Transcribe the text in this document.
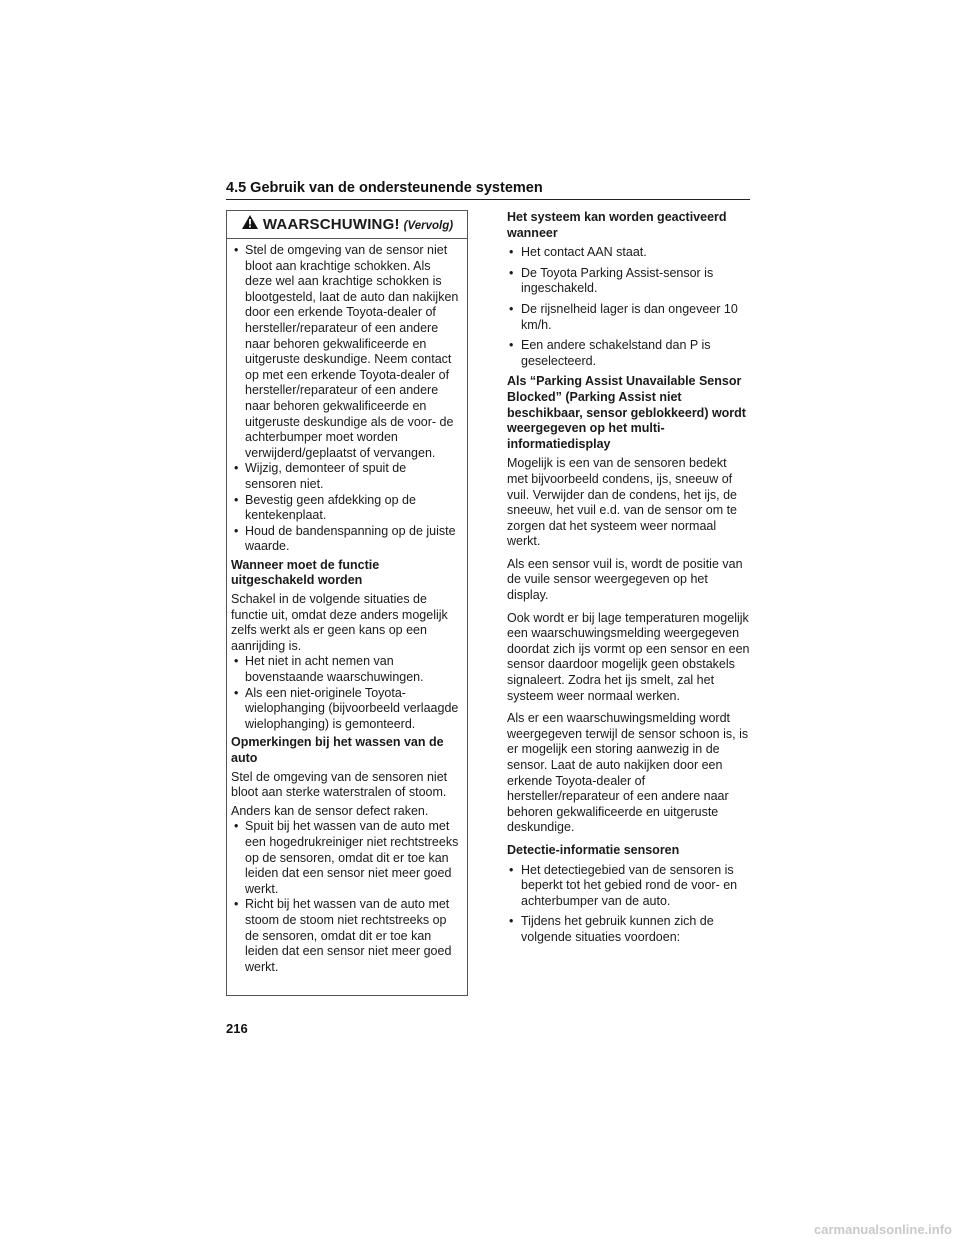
4.5 Gebruik van de ondersteunende systemen
WAARSCHUWING! (Vervolg)
• Stel de omgeving van de sensor niet bloot aan krachtige schokken. Als deze wel aan krachtige schokken is blootgesteld, laat de auto dan nakijken door een erkende Toyota-dealer of hersteller/reparateur of een andere naar behoren gekwalificeerde en uitgeruste deskundige. Neem contact op met een erkende Toyota-dealer of hersteller/reparateur of een andere naar behoren gekwalificeerde en uitgeruste deskundige als de voor- de achterbumper moet worden verwijderd/geplaatst of vervangen.
• Wijzig, demonteer of spuit de sensoren niet.
• Bevestig geen afdekking op de kentekenplaat.
• Houd de bandenspanning op de juiste waarde.
Wanneer moet de functie uitgeschakeld worden
Schakel in de volgende situaties de functie uit, omdat deze anders mogelijk zelfs werkt als er geen kans op een aanrijding is.
• Het niet in acht nemen van bovenstaande waarschuwingen.
• Als een niet-originele Toyota-wielophanging (bijvoorbeeld verlaagde wielophanging) is gemonteerd.
Opmerkingen bij het wassen van de auto
Stel de omgeving van de sensoren niet bloot aan sterke waterstralen of stoom.
Anders kan de sensor defect raken.
• Spuit bij het wassen van de auto met een hogedrukreiniger niet rechtstreeks op de sensoren, omdat dit er toe kan leiden dat een sensor niet meer goed werkt.
• Richt bij het wassen van de auto met stoom de stoom niet rechtstreeks op de sensoren, omdat dit er toe kan leiden dat een sensor niet meer goed werkt.
Het systeem kan worden geactiveerd wanneer
• Het contact AAN staat.
• De Toyota Parking Assist-sensor is ingeschakeld.
• De rijsnelheid lager is dan ongeveer 10 km/h.
• Een andere schakelstand dan P is geselecteerd.
Als “Parking Assist Unavailable Sensor Blocked” (Parking Assist niet beschikbaar, sensor geblokkeerd) wordt weergegeven op het multi-informatiedisplay
Mogelijk is een van de sensoren bedekt met bijvoorbeeld condens, ijs, sneeuw of vuil. Verwijder dan de condens, het ijs, de sneeuw, het vuil e.d. van de sensor om te zorgen dat het systeem weer normaal werkt.
Als een sensor vuil is, wordt de positie van de vuile sensor weergegeven op het display.
Ook wordt er bij lage temperaturen mogelijk een waarschuwingsmelding weergegeven doordat zich ijs vormt op een sensor en een sensor daardoor mogelijk geen obstakels signaleert. Zodra het ijs smelt, zal het systeem weer normaal werken.
Als er een waarschuwingsmelding wordt weergegeven terwijl de sensor schoon is, is er mogelijk een storing aanwezig in de sensor. Laat de auto nakijken door een erkende Toyota-dealer of hersteller/reparateur of een andere naar behoren gekwalificeerde en uitgeruste deskundige.
Detectie-informatie sensoren
• Het detectiegebied van de sensoren is beperkt tot het gebied rond de voor- en achterbumper van de auto.
• Tijdens het gebruik kunnen zich de volgende situaties voordoen:
216
carmanualsonline.info
